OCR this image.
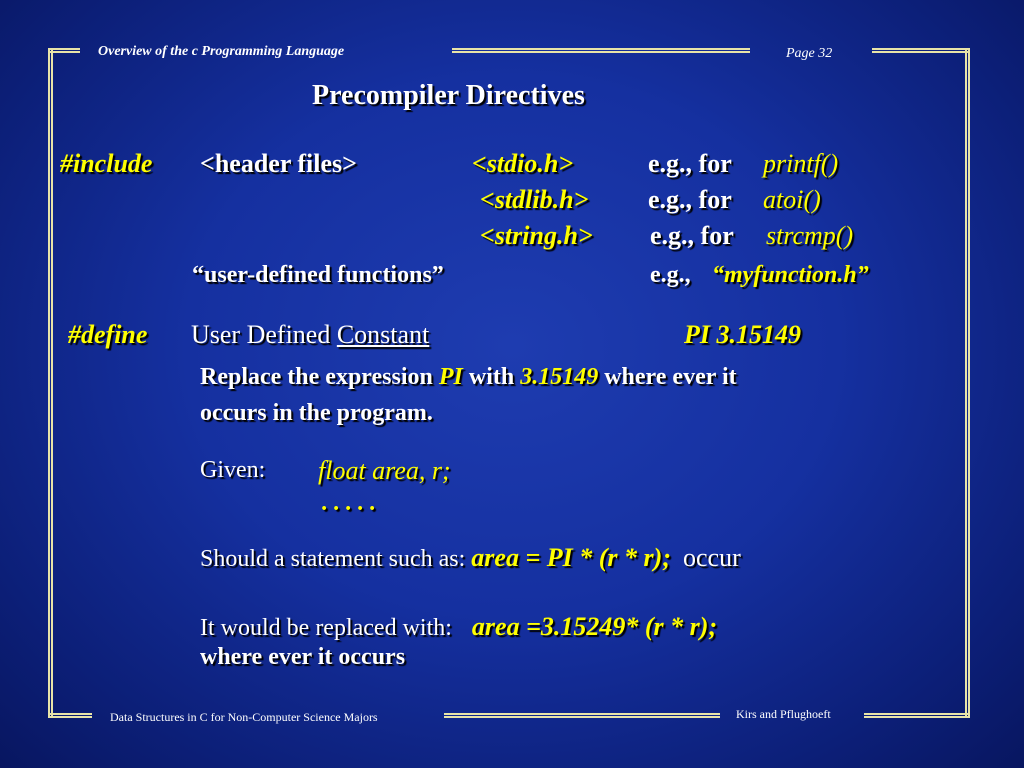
Overview of the c Programming Language	Page 32
Precompiler Directives
#include <header files>	<stdio.h>	e.g., for printf()
<stdlib.h> e.g., for atoi()
<string.h> e.g., for strcmp()
“user-defined functions”	e.g., “myfunction.h”
#define User Defined Constant	PI 3.15149
Replace the expression PI with 3.15149 where ever it
occurs in the program.
Given: float area, r;
. . . . .
Should a statement such as: area = PI * (r * r); occur
It would be replaced with: area =3.15249* (r * r);
where ever it occurs
Data Structures in C for Non-Computer Science Majors	Kirs and Pflughoeft
